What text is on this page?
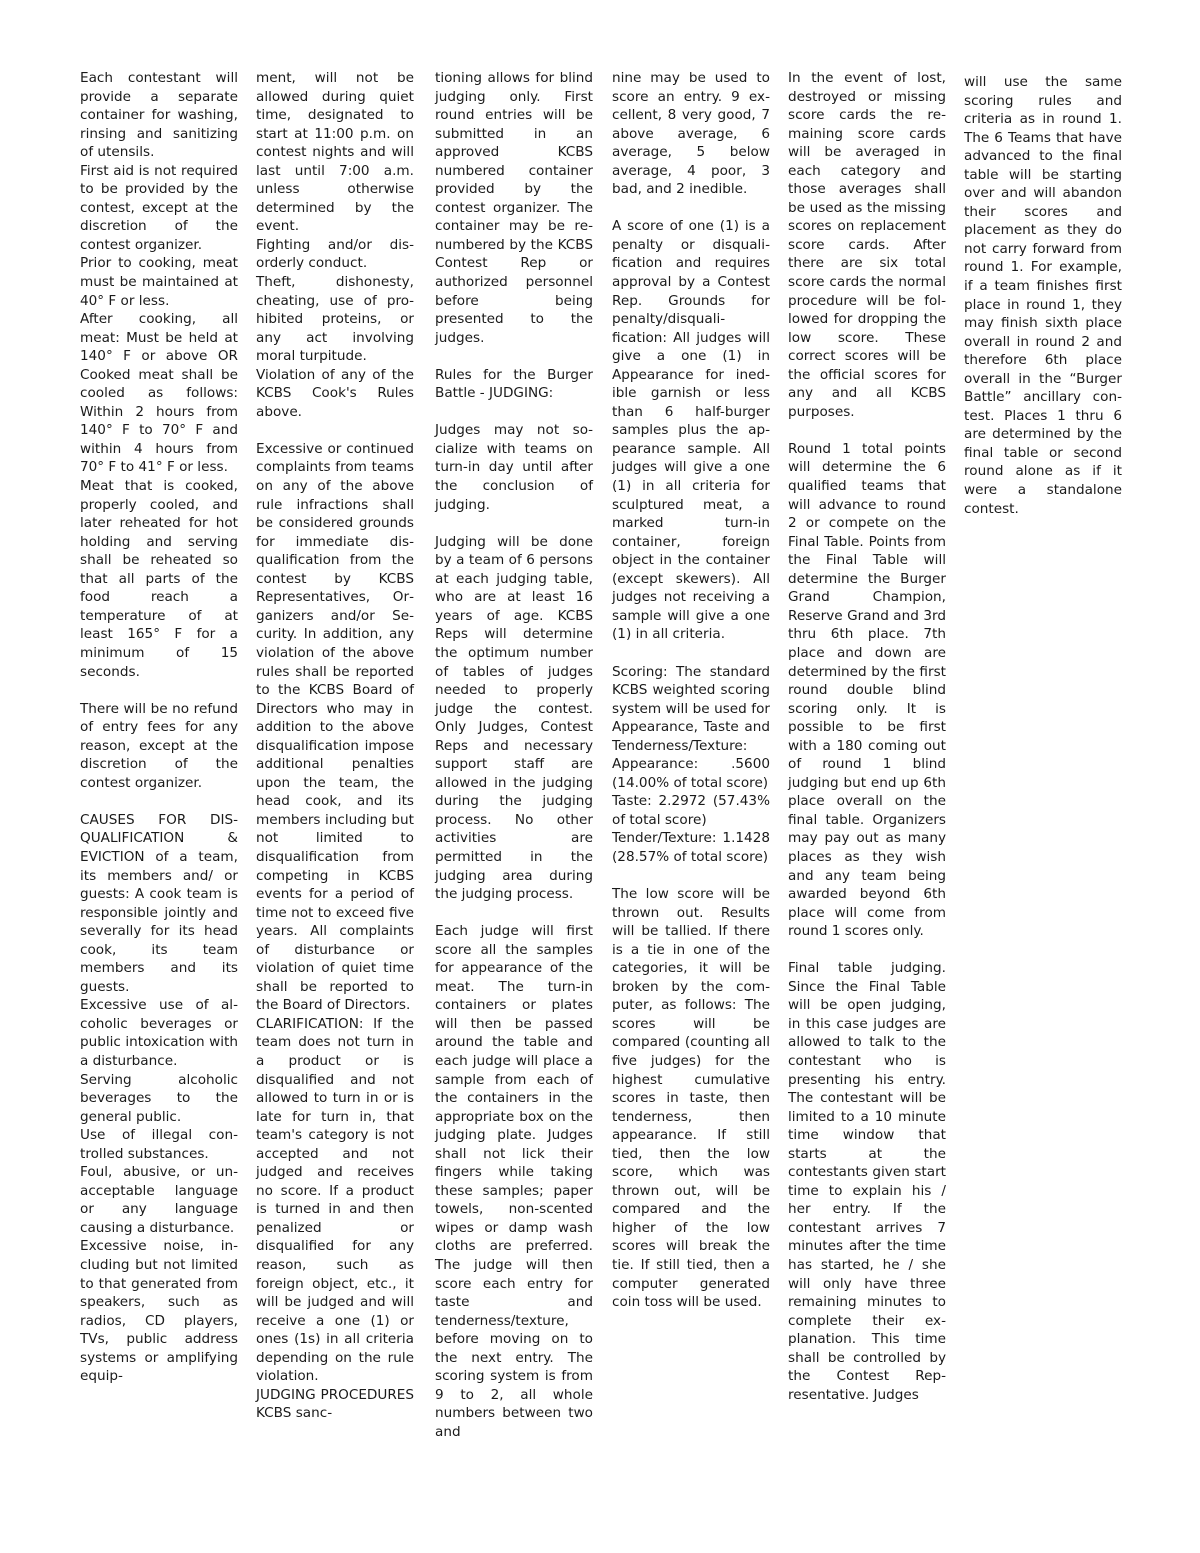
Each contestant will provide a separate container for washing, rinsing and sanitizing of utensils.

First aid is not required to be provided by the contest, except at the discretion of the contest organizer.

Prior to cooking, meat must be maintained at 40° F or less.

After cooking, all meat: Must be held at 140° F or above OR Cooked meat shall be cooled as follows: Within 2 hours from 140° F to 70° F and within 4 hours from 70° F to 41° F or less.

Meat that is cooked, properly cooled, and later reheated for hot holding and serving shall be reheated so that all parts of the food reach a temperature of at least 165° F for a minimum of 15 seconds.

There will be no refund of entry fees for any reason, except at the discretion of the contest organizer.

CAUSES FOR DISQUALIFICATION & EVICTION of a team, its members and/ or guests: A cook team is responsible jointly and severally for its head cook, its team members and its guests.

Excessive use of alcoholic beverages or public intoxication with a disturbance.

Serving alcoholic beverages to the general public.

Use of illegal controlled substances.

Foul, abusive, or unacceptable language or any language causing a disturbance.

Excessive noise, including but not limited to that generated from speakers, such as radios, CD players, TVs, public address systems or amplifying equip-

ment, will not be allowed during quiet time, designated to start at 11:00 p.m. on contest nights and will last until 7:00 a.m. unless otherwise determined by the event.

Fighting and/or disorderly conduct.

Theft, dishonesty, cheating, use of prohibited proteins, or any act involving moral turpitude.

Violation of any of the KCBS Cook's Rules above.

Excessive or continued complaints from teams on any of the above rule infractions shall be considered grounds for immediate disqualification from the contest by KCBS Representatives, Organizers and/or Security. In addition, any violation of the above rules shall be reported to the KCBS Board of Directors who may in addition to the above disqualification impose additional penalties upon the team, the head cook, and its members including but not limited to disqualification from competing in KCBS events for a period of time not to exceed five years. All complaints of disturbance or violation of quiet time shall be reported to the Board of Directors.

CLARIFICATION: If the team does not turn in a product or is disqualified and not allowed to turn in or is late for turn in, that team's category is not accepted and not judged and receives no score. If a product is turned in and then penalized or disqualified for any reason, such as foreign object, etc., it will be judged and will receive a one (1) or ones (1s) in all criteria depending on the rule violation.

JUDGING PROCEDURES KCBS sanc-

tioning allows for blind judging only. First round entries will be submitted in an approved KCBS numbered container provided by the contest organizer. The container may be re-numbered by the KCBS Contest Rep or authorized personnel before being presented to the judges.

Rules for the Burger Battle - JUDGING:

Judges may not socialize with teams on turn-in day until after the conclusion of judging.

Judging will be done by a team of 6 persons at each judging table, who are at least 16 years of age. KCBS Reps will determine the optimum number of tables of judges needed to properly judge the contest. Only Judges, Contest Reps and necessary support staff are allowed in the judging during the judging process. No other activities are permitted in the judging area during the judging process.

Each judge will first score all the samples for appearance of the meat. The turn-in containers or plates will then be passed around the table and each judge will place a sample from each of the containers in the appropriate box on the judging plate. Judges shall not lick their fingers while taking these samples; paper towels, non-scented wipes or damp wash cloths are preferred. The judge will then score each entry for taste and tenderness/texture, before moving on to the next entry. The scoring system is from 9 to 2, all whole numbers between two and

nine may be used to score an entry. 9 excellent, 8 very good, 7 above average, 6 average, 5 below average, 4 poor, 3 bad, and 2 inedible.

A score of one (1) is a penalty or disqualification and requires approval by a Contest Rep. Grounds for penalty/disqualification: All judges will give a one (1) in Appearance for inedible garnish or less than 6 half-burger samples plus the appearance sample. All judges will give a one (1) in all criteria for sculptured meat, a marked turn-in container, foreign object in the container (except skewers). All judges not receiving a sample will give a one (1) in all criteria.

Scoring: The standard KCBS weighted scoring system will be used for Appearance, Taste and Tenderness/Texture:

Appearance: .5600 (14.00% of total score)

Taste: 2.2972 (57.43% of total score)

Tender/Texture: 1.1428 (28.57% of total score)

The low score will be thrown out. Results will be tallied. If there is a tie in one of the categories, it will be broken by the computer, as follows: The scores will be compared (counting all five judges) for the highest cumulative scores in taste, then tenderness, then appearance. If still tied, then the low score, which was thrown out, will be compared and the higher of the low scores will break the tie. If still tied, then a computer generated coin toss will be used.

In the event of lost, destroyed or missing score cards the remaining score cards will be averaged in each category and those averages shall be used as the missing scores on replacement score cards. After there are six total score cards the normal procedure will be followed for dropping the low score. These correct scores will be the official scores for any and all KCBS purposes.

Round 1 total points will determine the 6 qualified teams that will advance to round 2 or compete on the Final Table. Points from the Final Table will determine the Burger Grand Champion, Reserve Grand and 3rd thru 6th place. 7th place and down are determined by the first round double blind scoring only. It is possible to be first with a 180 coming out of round 1 blind judging but end up 6th place overall on the final table. Organizers may pay out as many places as they wish and any team being awarded beyond 6th place will come from round 1 scores only.

Final table judging. Since the Final Table will be open judging, in this case judges are allowed to talk to the contestant who is presenting his entry. The contestant will be limited to a 10 minute time window that starts at the contestants given start time to explain his / her entry. If the contestant arrives 7 minutes after the time has started, he / she will only have three remaining minutes to complete their explanation. This time shall be controlled by the Contest Representative. Judges

will use the same scoring rules and criteria as in round 1. The 6 Teams that have advanced to the final table will be starting over and will abandon their scores and placement as they do not carry forward from round 1. For example, if a team finishes first place in round 1, they may finish sixth place overall in round 2 and therefore 6th place overall in the “Burger Battle” ancillary contest. Places 1 thru 6 are determined by the final table or second round alone as if it were a standalone contest.
